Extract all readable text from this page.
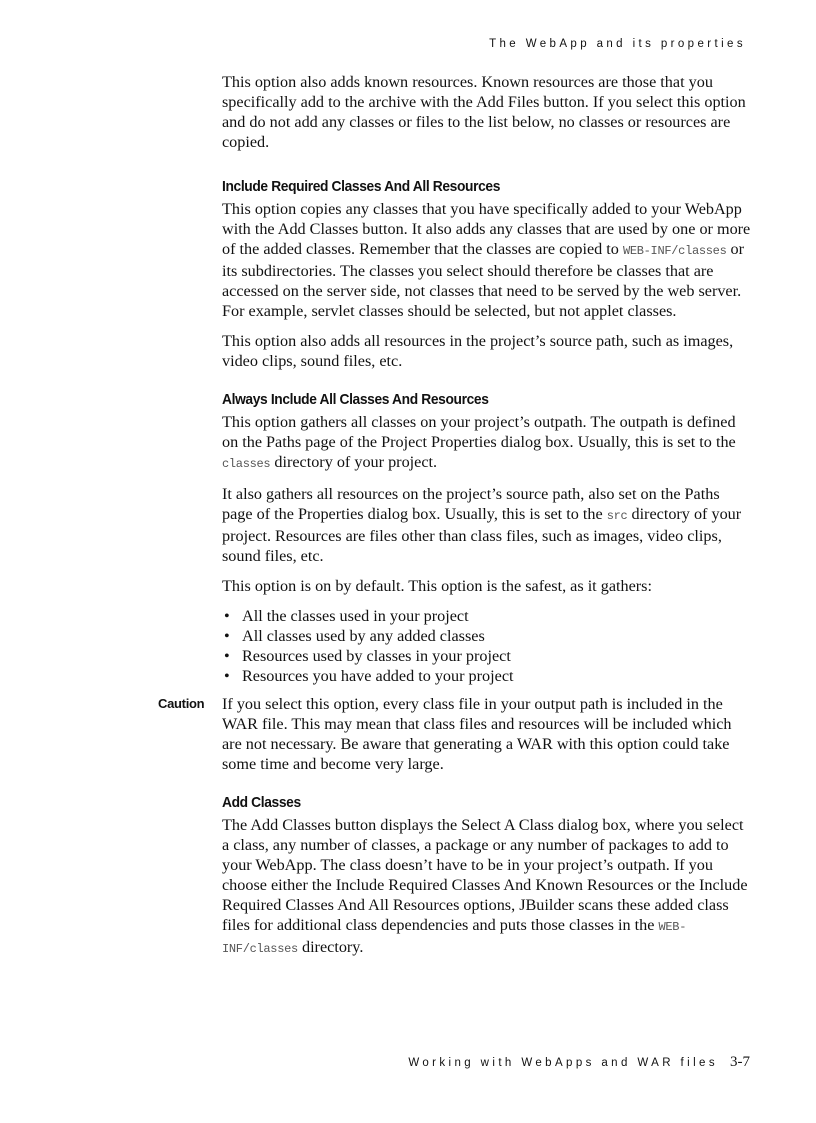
The WebApp and its properties

This option also adds known resources. Known resources are those that you specifically add to the archive with the Add Files button. If you select this option and do not add any classes or files to the list below, no classes or resources are copied.

Include Required Classes And All Resources

This option copies any classes that you have specifically added to your WebApp with the Add Classes button. It also adds any classes that are used by one or more of the added classes. Remember that the classes are copied to WEB-INF/classes or its subdirectories. The classes you select should therefore be classes that are accessed on the server side, not classes that need to be served by the web server. For example, servlet classes should be selected, but not applet classes.

This option also adds all resources in the project’s source path, such as images, video clips, sound files, etc.

Always Include All Classes And Resources

This option gathers all classes on your project’s outpath. The outpath is defined on the Paths page of the Project Properties dialog box. Usually, this is set to the classes directory of your project.

It also gathers all resources on the project’s source path, also set on the Paths page of the Properties dialog box. Usually, this is set to the src directory of your project. Resources are files other than class files, such as images, video clips, sound files, etc.

This option is on by default. This option is the safest, as it gathers:

• All the classes used in your project
• All classes used by any added classes
• Resources used by classes in your project
• Resources you have added to your project
Caution If you select this option, every class file in your output path is included in the WAR file. This may mean that class files and resources will be included which are not necessary. Be aware that generating a WAR with this option could take some time and become very large.

Add Classes

The Add Classes button displays the Select A Class dialog box, where you select a class, any number of classes, a package or any number of packages to add to your WebApp. The class doesn’t have to be in your project’s outpath. If you choose either the Include Required Classes And Known Resources or the Include Required Classes And All Resources options, JBuilder scans these added class files for additional class dependencies and puts those classes in the WEB-INF/classes directory.

Working with WebApps and WAR files 3-7
